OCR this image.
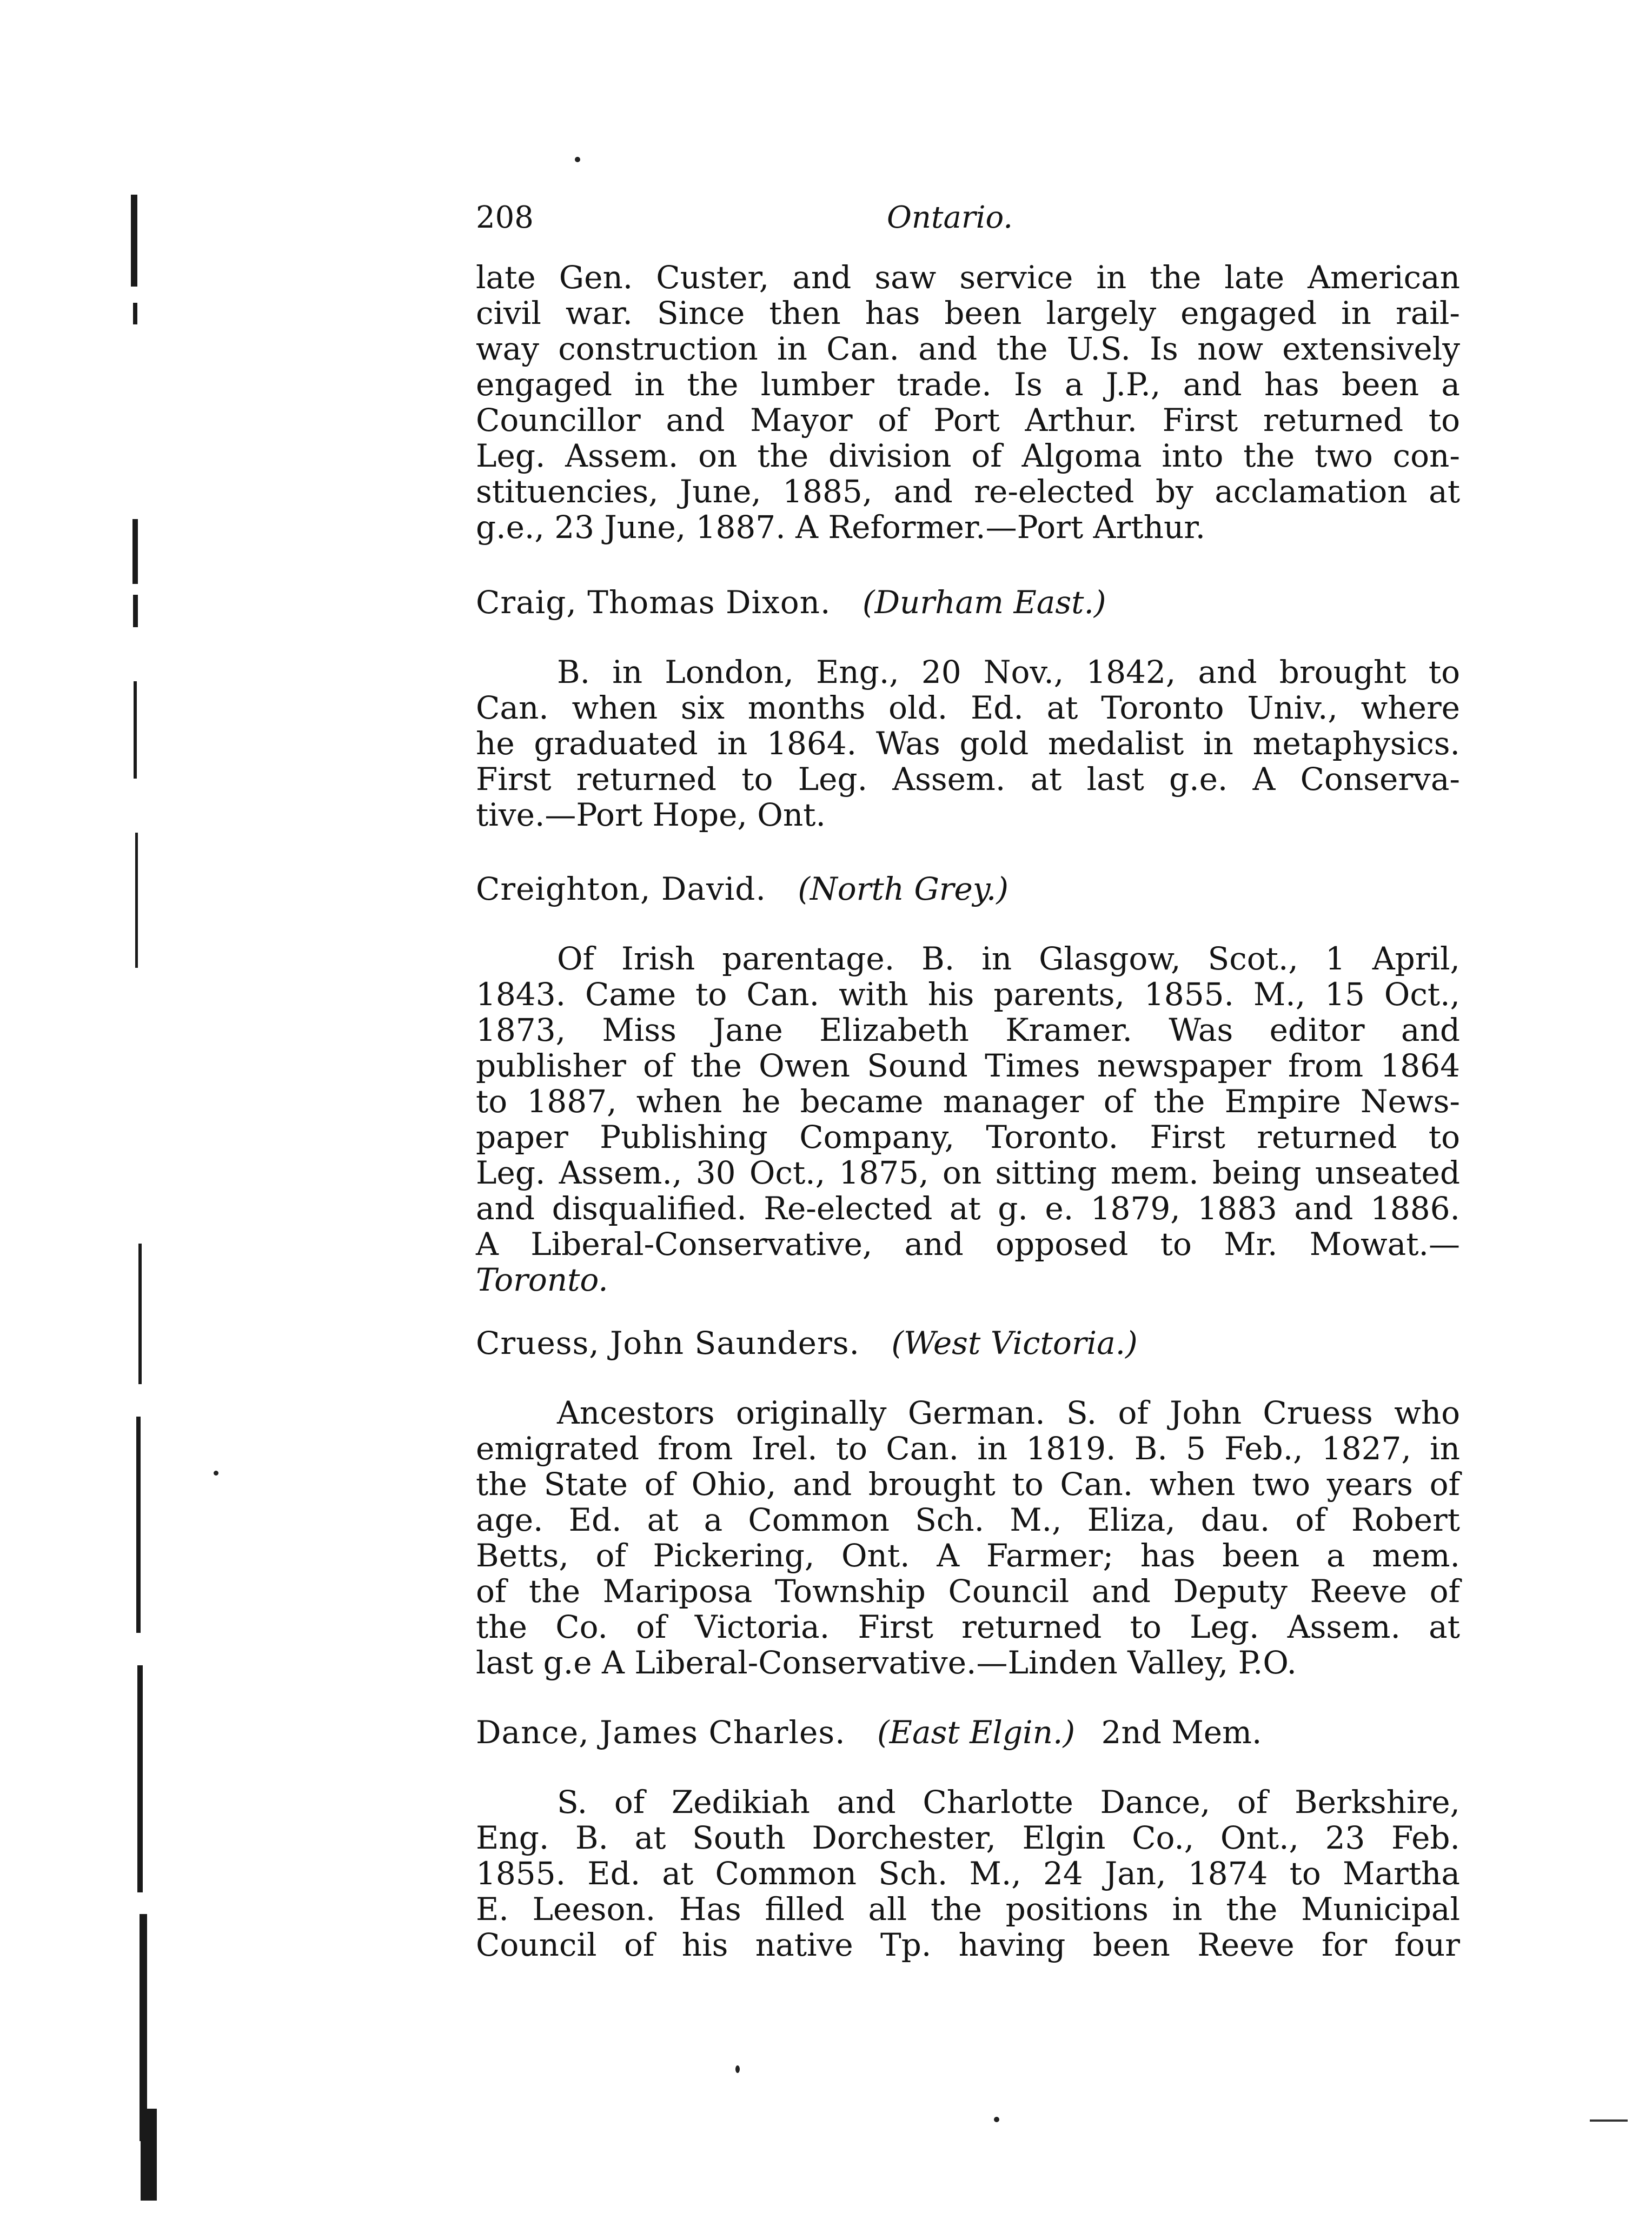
208	Ontario.
late Gen. Custer, and saw service in the late American
civil war. Since then has been largely engaged in rail-
way construction in Can. and the U.S. Is now extensively
engaged in the lumber trade. Is a J.P., and has been a
Councillor and Mayor of Port Arthur. First returned to
Leg. Assem. on the division of Algoma into the two con-
stituencies, June, 1885, and re-elected by acclamation at
g.e., 23 June, 1887. A Reformer.—Port Arthur.
Craig, Thomas Dixon. (Durham East.)
B. in London, Eng., 20 Nov., 1842, and brought to
Can. when six months old. Ed. at Toronto Univ., where
he graduated in 1864. Was gold medalist in metaphysics.
First returned to Leg. Assem. at last g.e. A Conserva-
tive.—Port Hope, Ont.
Creighton, David. (North Grey.)
Of Irish parentage. B. in Glasgow, Scot., 1 April,
1843. Came to Can. with his parents, 1855. M., 15 Oct.,
1873, Miss Jane Elizabeth Kramer. Was editor and
publisher of the Owen Sound Times newspaper from 1864
to 1887, when he became manager of the Empire News-
paper Publishing Company, Toronto. First returned to
Leg. Assem., 30 Oct., 1875, on sitting mem. being unseated
and disqualified. Re-elected at g. e. 1879, 1883 and 1886.
A Liberal-Conservative, and opposed to Mr. Mowat.—
Toronto.
Cruess, John Saunders. (West Victoria.)
Ancestors originally German. S. of John Cruess who
emigrated from Irel. to Can. in 1819. B. 5 Feb., 1827, in
the State of Ohio, and brought to Can. when two years of
age. Ed. at a Common Sch. M., Eliza, dau. of Robert
Betts, of Pickering, Ont. A Farmer; has been a mem.
of the Mariposa Township Council and Deputy Reeve of
the Co. of Victoria. First returned to Leg. Assem. at
last g.e A Liberal-Conservative.—Linden Valley, P.O.
Dance, James Charles. (East Elgin.) 2nd Mem.
S. of Zedikiah and Charlotte Dance, of Berkshire,
Eng. B. at South Dorchester, Elgin Co., Ont., 23 Feb.
1855. Ed. at Common Sch. M., 24 Jan, 1874 to Martha
E. Leeson. Has filled all the positions in the Municipal
Council of his native Tp. having been Reeve for four
